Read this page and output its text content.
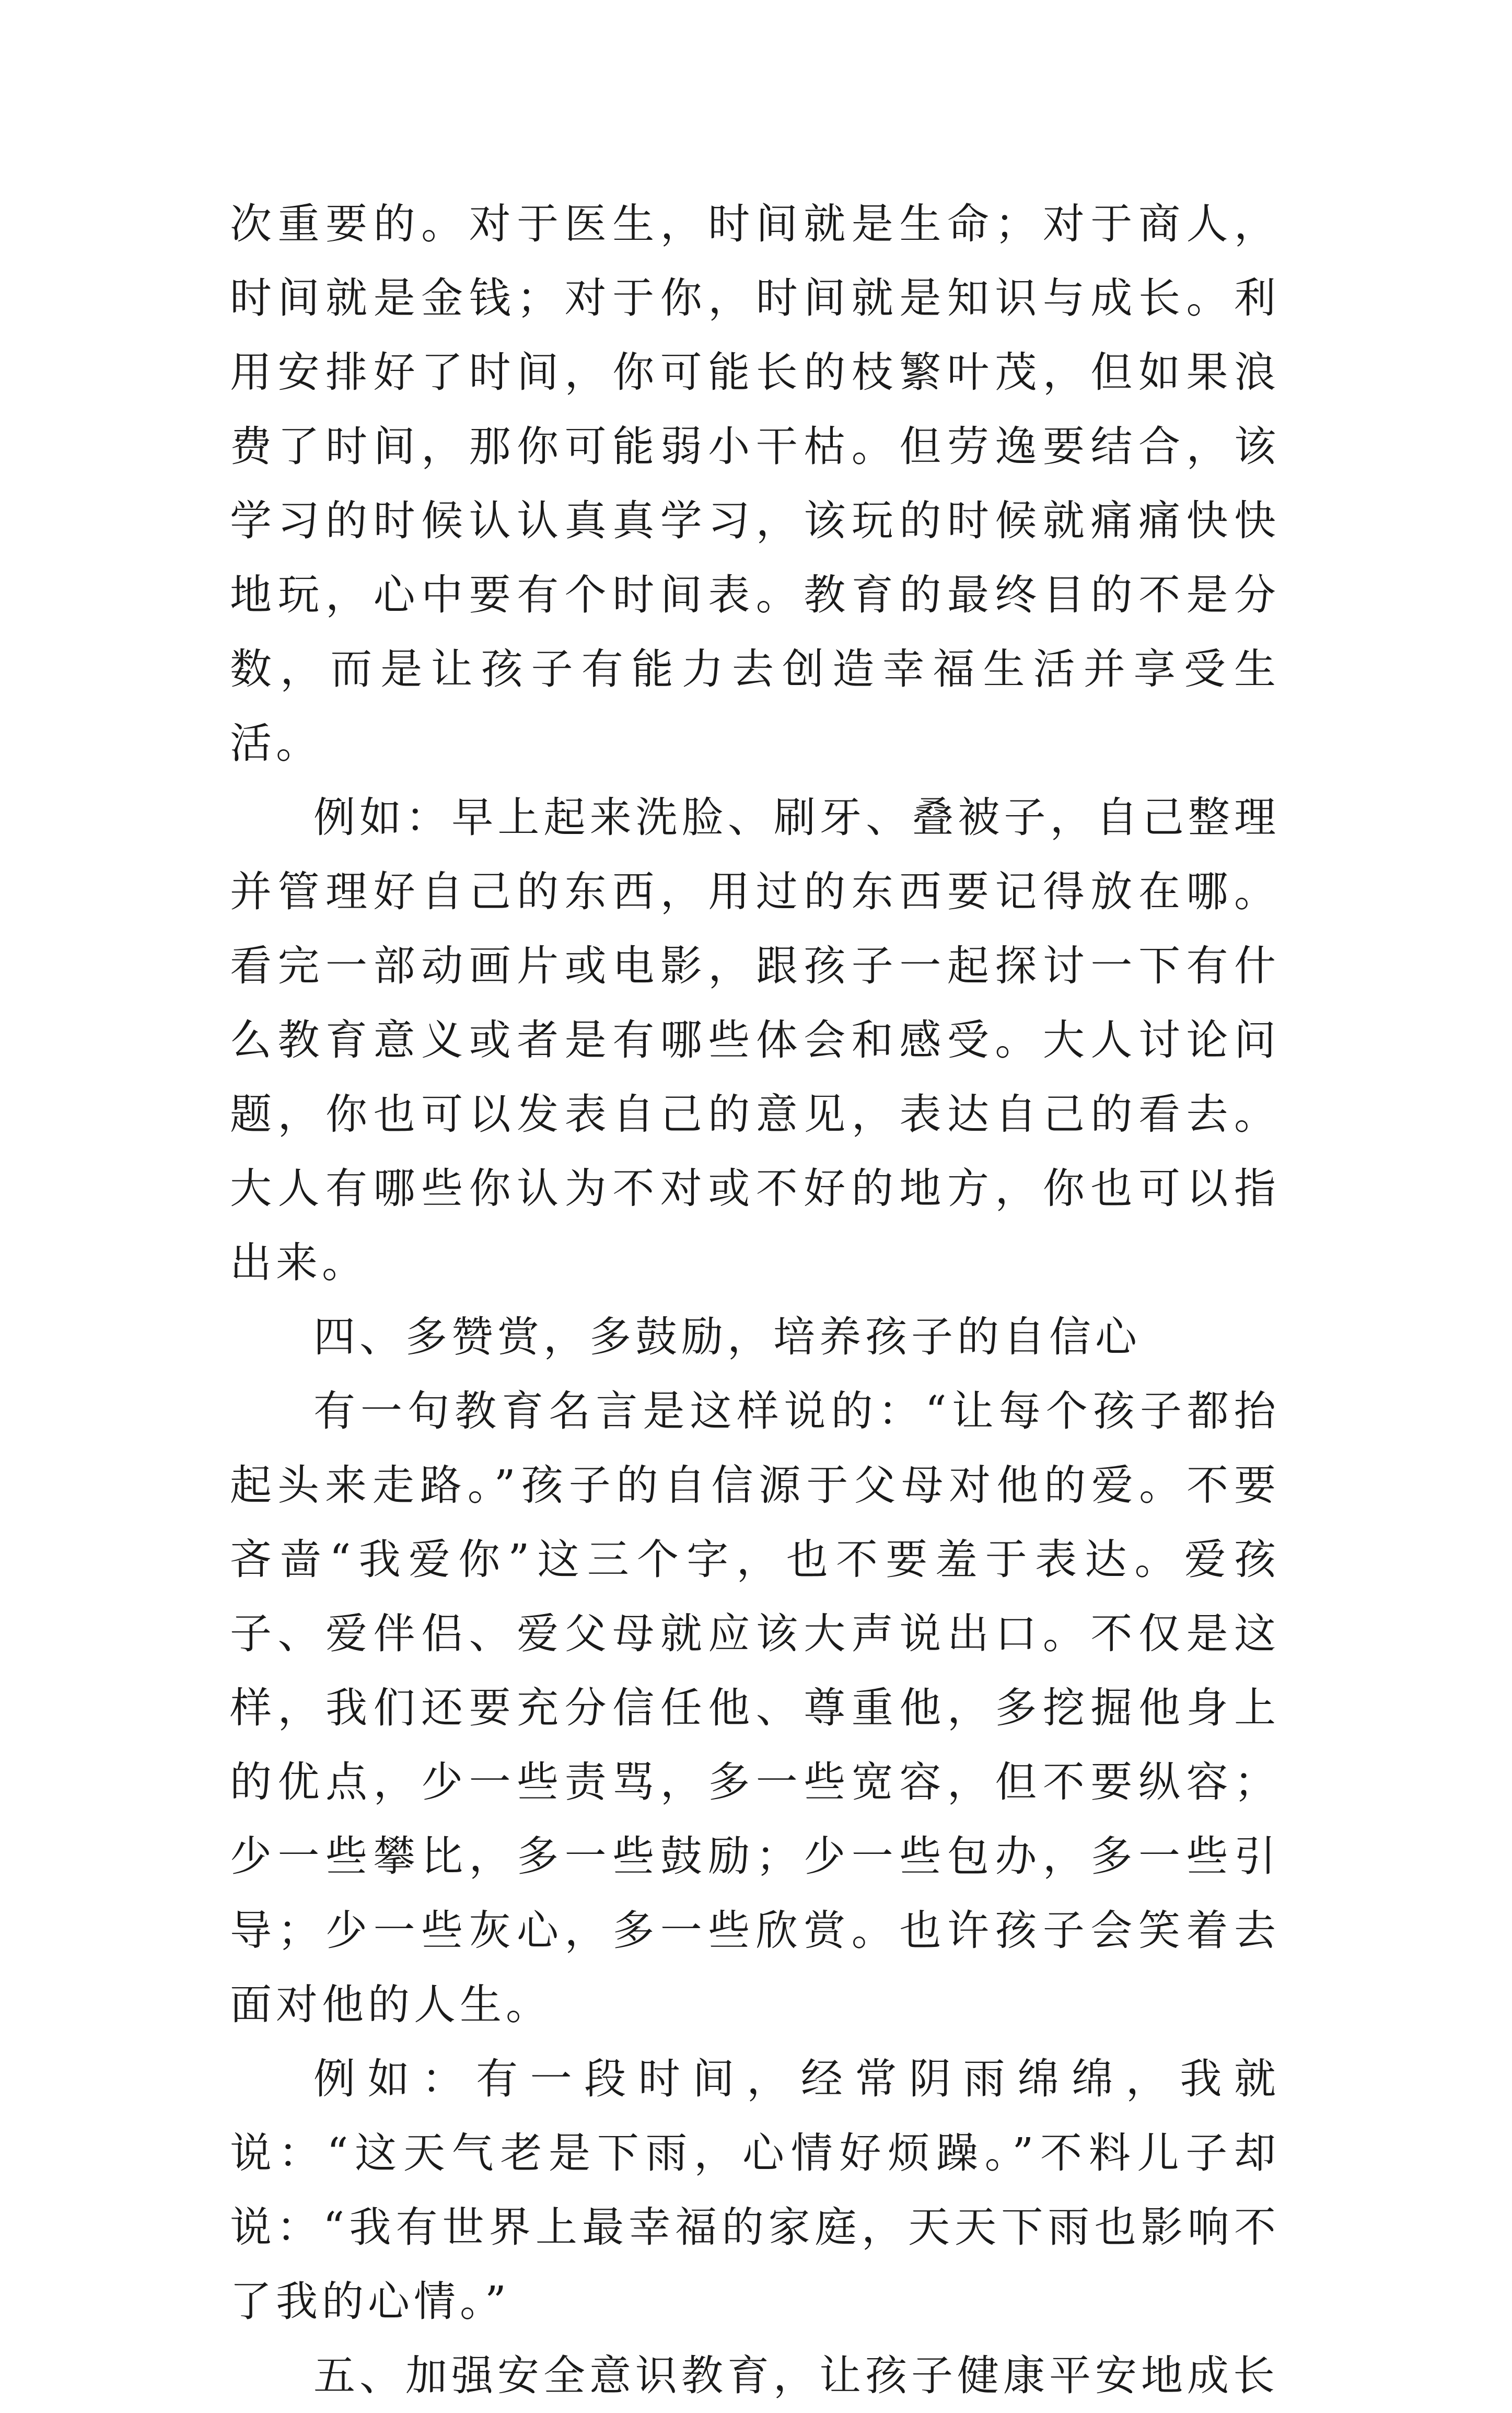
次重要的。对于医生，时间就是生命；对于商人，时间就是金钱；对于你，时间就是知识与成长。利用安排好了时间，你可能长的枝繁叶茂，但如果浪费了时间，那你可能弱小干枯。但劳逸要结合，该学习的时候认认真真学习，该玩的时候就痛痛快快地玩，心中要有个时间表。教育的最终目的不是分数，而是让孩子有能力去创造幸福生活并享受生活。

例如：早上起来洗脸、刷牙、叠被子，自己整理并管理好自己的东西，用过的东西要记得放在哪。看完一部动画片或电影，跟孩子一起探讨一下有什么教育意义或者是有哪些体会和感受。大人讨论问题，你也可以发表自己的意见，表达自己的看去。大人有哪些你认为不对或不好的地方，你也可以指出来。

四、多赞赏，多鼓励，培养孩子的自信心

有一句教育名言是这样说的：“让每个孩子都抬起头来走路。”孩子的自信源于父母对他的爱。不要吝啬“我爱你”这三个字，也不要羞于表达。爱孩子、爱伴侣、爱父母就应该大声说出口。不仅是这样，我们还要充分信任他、尊重他，多挖掘他身上的优点，少一些责骂，多一些宽容，但不要纵容；少一些攀比，多一些鼓励；少一些包办，多一些引导；少一些灰心，多一些欣赏。也许孩子会笑着去面对他的人生。

例如：有一段时间，经常阴雨绵绵，我就说：“这天气老是下雨，心情好烦躁。”不料儿子却说：“我有世界上最幸福的家庭，天天下雨也影响不了我的心情。”

五、加强安全意识教育，让孩子健康平安地成长
